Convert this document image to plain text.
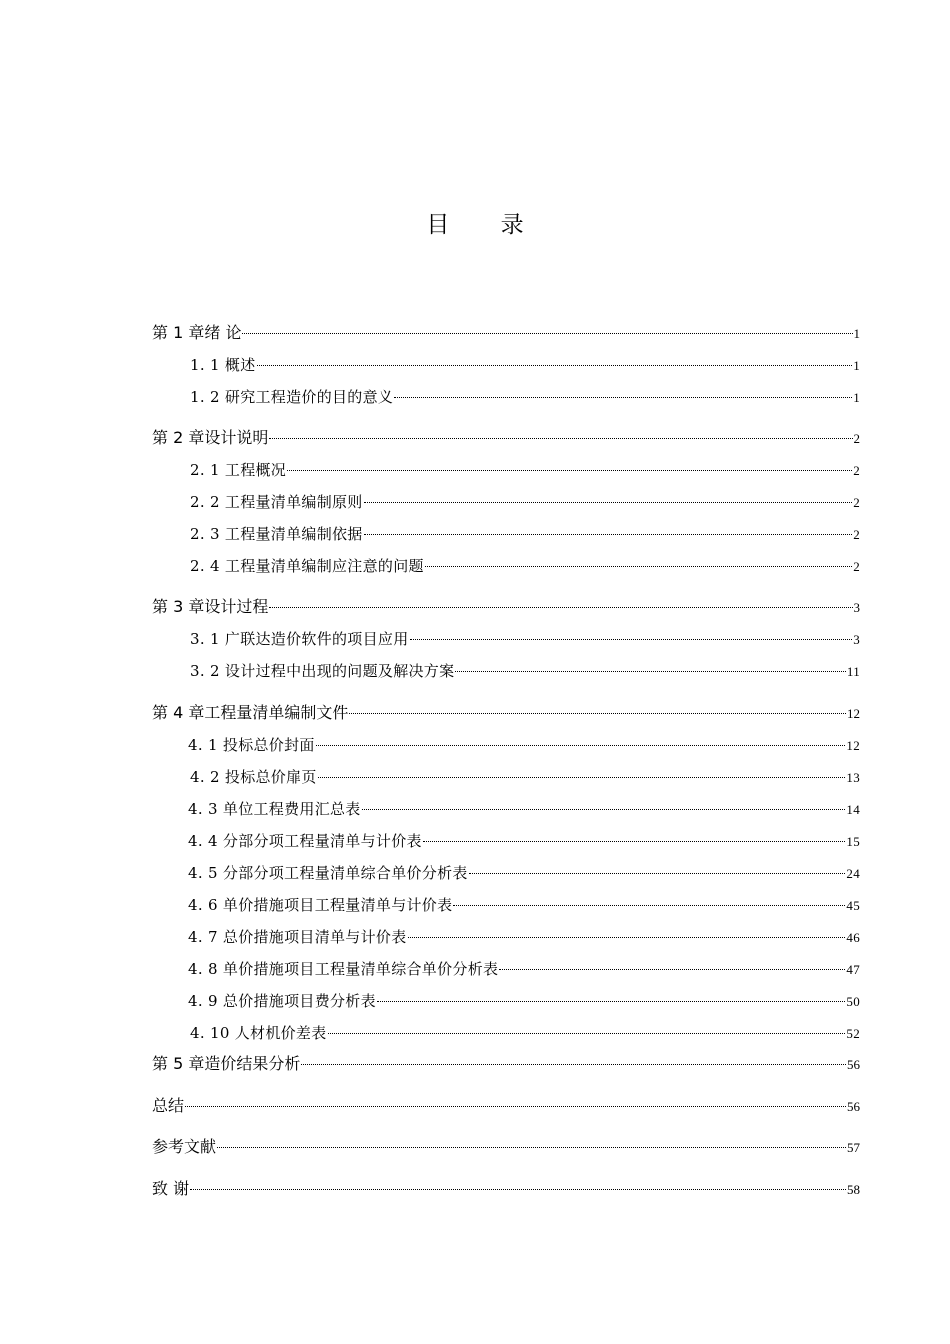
目 录
第 1 章绪 论	1
1. 1 概述	1
1. 2 研究工程造价的目的意义	1
第 2 章设计说明	2
2. 1 工程概况	2
2. 2 工程量清单编制原则	2
2. 3 工程量清单编制依据	2
2. 4 工程量清单编制应注意的问题	2
第 3 章设计过程	3
3. 1 广联达造价软件的项目应用	3
3. 2 设计过程中出现的问题及解决方案	11
第 4 章工程量清单编制文件	12
4. 1 投标总价封面	12
4. 2 投标总价扉页	13
4. 3 单位工程费用汇总表	14
4. 4 分部分项工程量清单与计价表	15
4. 5 分部分项工程量清单综合单价分析表	24
4. 6 单价措施项目工程量清单与计价表	45
4. 7 总价措施项目清单与计价表	46
4. 8 单价措施项目工程量清单综合单价分析表	47
4. 9 总价措施项目费分析表	50
4. 10 人材机价差表	52
第 5 章造价结果分析	56
总结	56
参考文献	57
致 谢	58
